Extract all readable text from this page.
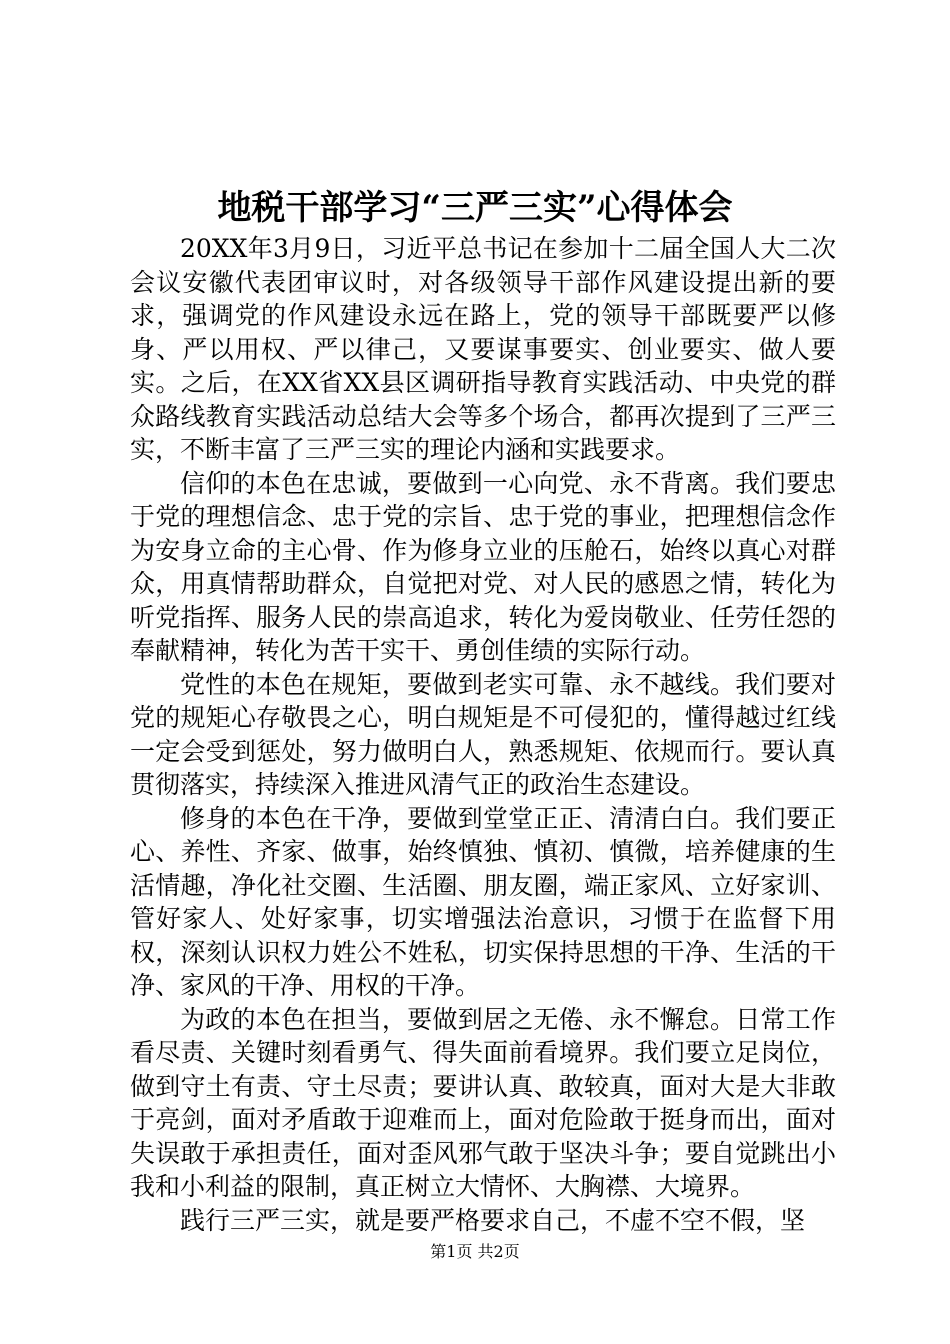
地税干部学习“三严三实”心得体会

20XX年3月9日，习近平总书记在参加十二届全国人大二次会议安徽代表团审议时，对各级领导干部作风建设提出新的要求，强调党的作风建设永远在路上，党的领导干部既要严以修身、严以用权、严以律己，又要谋事要实、创业要实、做人要实。之后，在XX省XX县区调研指导教育实践活动、中央党的群众路线教育实践活动总结大会等多个场合，都再次提到了三严三实，不断丰富了三严三实的理论内涵和实践要求。

信仰的本色在忠诚，要做到一心向党、永不背离。我们要忠于党的理想信念、忠于党的宗旨、忠于党的事业，把理想信念作为安身立命的主心骨、作为修身立业的压舱石，始终以真心对群众，用真情帮助群众，自觉把对党、对人民的感恩之情，转化为听党指挥、服务人民的崇高追求，转化为爱岗敬业、任劳任怨的奉献精神，转化为苦干实干、勇创佳绩的实际行动。

党性的本色在规矩，要做到老实可靠、永不越线。我们要对党的规矩心存敬畏之心，明白规矩是不可侵犯的，懂得越过红线一定会受到惩处，努力做明白人，熟悉规矩、依规而行。要认真贯彻落实，持续深入推进风清气正的政治生态建设。

修身的本色在干净，要做到堂堂正正、清清白白。我们要正心、养性、齐家、做事，始终慎独、慎初、慎微，培养健康的生活情趣，净化社交圈、生活圈、朋友圈，端正家风、立好家训、管好家人、处好家事，切实增强法治意识，习惯于在监督下用权，深刻认识权力姓公不姓私，切实保持思想的干净、生活的干净、家风的干净、用权的干净。

为政的本色在担当，要做到居之无倦、永不懈怠。日常工作看尽责、关键时刻看勇气、得失面前看境界。我们要立足岗位，做到守土有责、守土尽责；要讲认真、敢较真，面对大是大非敢于亮剑，面对矛盾敢于迎难而上，面对危险敢于挺身而出，面对失误敢于承担责任，面对歪风邪气敢于坚决斗争；要自觉跳出小我和小利益的限制，真正树立大情怀、大胸襟、大境界。

践行三严三实，就是要严格要求自己，不虚不空不假，坚

第1页 共2页
